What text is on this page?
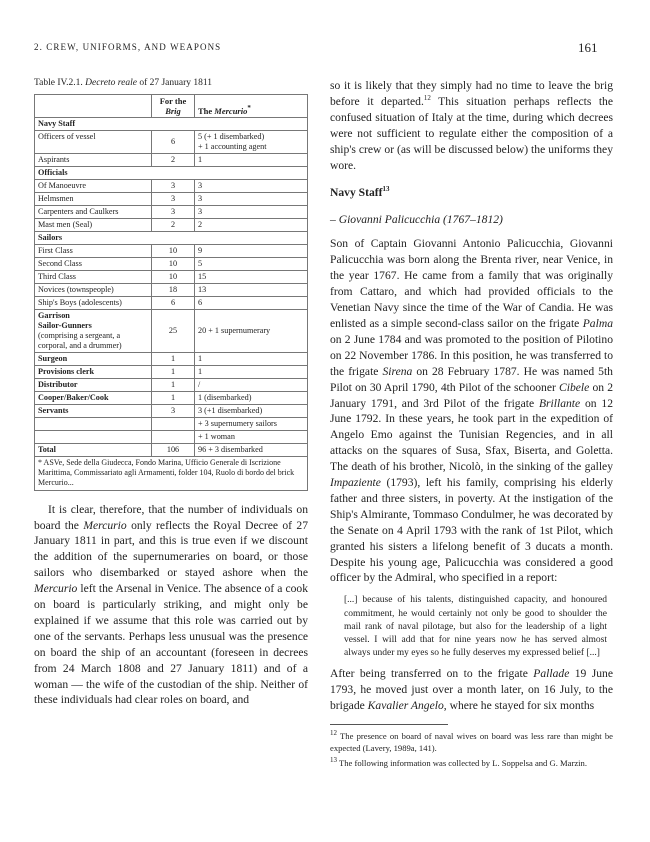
2. CREW, UNIFORMS, AND WEAPONS	161
Table IV.2.1. Decreto reale of 27 January 1811
	For the
Brig	The Mercurio*
Navy Staff		
Officers of vessel	6	5 (+ 1 disembarked)
+ 1 accounting agent
Aspirants	2	1
Officials		
Of Manoeuvre	3	3
Helmsmen	3	3
Carpenters and Caulkers	3	3
Mast men (Seal)	2	2
Sailors		
First Class	10	9
Second Class	10	5
Third Class	10	15
Novices (townspeople)	18	13
Ship's Boys (adolescents)	6	6
Garrison
Sailor-Gunners
(comprising a sergeant, a corporal, and a drummer)	25	20 + 1 supernumerary
Surgeon	1	1
Provisions clerk	1	1
Distributor	1	/
Cooper/Baker/Cook	1	1 (disembarked)
Servants	3	3 (+1 disembarked)
		+ 3 supernumery sailors
		+ 1 woman
Total	106	96 + 3 disembarked
* ASVe, Sede della Giudecca, Fondo Marina, Ufficio Generale di Iscrizione Marittima, Commissariato agli Armamenti, folder 104, Ruolo di bordo del brick Mercurio...		

It is clear, therefore, that the number of individuals on board the Mercurio only reflects the Royal Decree of 27 January 1811 in part, and this is true even if we discount the addition of the supernumeraries on board, or those sailors who disembarked or stayed ashore when the Mercurio left the Arsenal in Venice. The absence of a cook on board is particularly striking, and might only be explained if we assume that this role was carried out by one of the servants. Perhaps less unusual was the presence on board the ship of an accountant (foreseen in decrees from 24 March 1808 and 27 January 1811) and of a woman — the wife of the custodian of the ship. Neither of these individuals had clear roles on board, and

so it is likely that they simply had no time to leave the brig before it departed.$^{12}$ This situation perhaps reflects the confused situation of Italy at the time, during which decrees were not sufficient to regulate either the composition of a ship's crew or (as will be discussed below) the uniforms they wore.

Navy Staff$^{13}$
– Giovanni Palicucchia (1767–1812)

Son of Captain Giovanni Antonio Palicucchia, Giovanni Palicucchia was born along the Brenta river, near Venice, in the year 1767. He came from a family that was originally from Cattaro, and which had provided officials to the Venetian Navy since the time of the War of Candia. He was enlisted as a simple second-class sailor on the frigate Palma on 2 June 1784 and was promoted to the position of Pilotino on 22 November 1786. In this position, he was transferred to the frigate Sirena on 28 February 1787. He was named 5th Pilot on 30 April 1790, 4th Pilot of the schooner Cibele on 2 January 1791, and 3rd Pilot of the frigate Brillante on 12 June 1792. In these years, he took part in the expedition of Angelo Emo against the Tunisian Regencies, and in all attacks on the squares of Susa, Sfax, Biserta, and Goletta. The death of his brother, Nicolò, in the sinking of the galley Impaziente (1793), left his family, comprising his elderly father and three sisters, in poverty. At the instigation of the Ship's Almirante, Tommaso Condulmer, he was decorated by the Senate on 4 April 1793 with the rank of 1st Pilot, which granted his sisters a lifelong benefit of 3 ducats a month. Despite his young age, Palicucchia was considered a good officer by the Admiral, who specified in a report:

[...] because of his talents, distinguished capacity, and honoured commitment, he would certainly not only be good to shoulder the mail rank of naval pilotage, but also for the leadership of a light vessel. I will add that for nine years now he has served almost always under my eyes so he fully deserves my expressed belief [...]

After being transferred on to the frigate Pallade 19 June 1793, he moved just over a month later, on 16 July, to the brigade Kavalier Angelo, where he stayed for six months

$^{12}$ The presence on board of naval wives on board was less rare than might be expected (Lavery, 1989a, 141).
$^{13}$ The following information was collected by L. Soppelsa and G. Marzin.
